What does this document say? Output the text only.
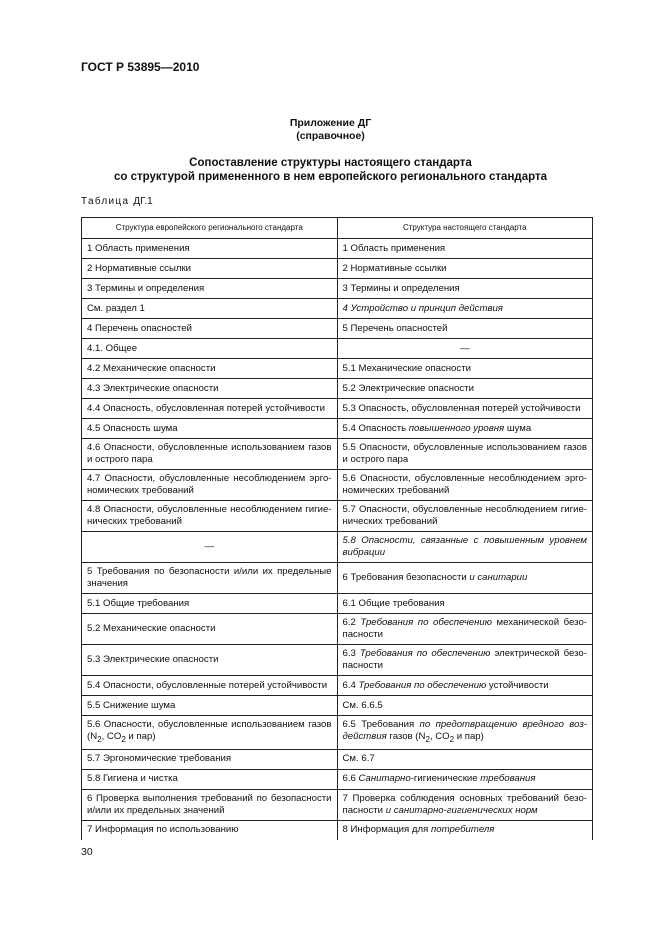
ГОСТ Р 53895—2010
Приложение ДГ
(справочное)
Сопоставление структуры настоящего стандарта
со структурой примененного в нем европейского регионального стандарта
Таблица ДГ.1
Структура европейского регионального стандарта	Структура настоящего стандарта
1 Область применения	1 Область применения
2 Нормативные ссылки	2 Нормативные ссылки
3 Термины и определения	3 Термины и определения
См. раздел 1	4 Устройство и принцип действия
4 Перечень опасностей	5 Перечень опасностей
4.1. Общее	—
4.2 Механические опасности	5.1 Механические опасности
4.3 Электрические опасности	5.2 Электрические опасности
4.4 Опасность, обусловленная потерей устойчивости	5.3 Опасность, обусловленная потерей устойчивости
4.5 Опасность шума	5.4 Опасность повышенного уровня шума
4.6 Опасности, обусловленные использованием газов и острого пара	5.5 Опасности, обусловленные использованием газов и острого пара
4.7 Опасности, обусловленные несоблюдением эргономических требований	5.6 Опасности, обусловленные несоблюдением эргономических требований
4.8 Опасности, обусловленные несоблюдением гигиенических требований	5.7 Опасности, обусловленные несоблюдением гигиенических требований
—	5.8 Опасности, связанные с повышенным уровнем вибрации
5 Требования по безопасности и/или их предельные значения	6 Требования безопасности и санитарии
5.1 Общие требования	6.1 Общие требования
5.2 Механические опасности	6.2 Требования по обеспечению механической безопасности
5.3 Электрические опасности	6.3 Требования по обеспечению электрической безопасности
5.4 Опасности, обусловленные потерей устойчивости	6.4 Требования по обеспечению устойчивости
5.5 Снижение шума	См. 6.6.5
5.6 Опасности, обусловленные использованием газов ($N_2$, $CO_2$ и пар)	6.5 Требования по предотвращению вредного воздействия газов ($N_2$, $CO_2$ и пар)
5.7 Эргономические требования	См. 6.7
5.8 Гигиена и чистка	6.6 Санитарно-гигиенические требования
6 Проверка выполнения требований по безопасности и/или их предельных значений	7 Проверка соблюдения основных требований безопасности и санитарно-гигиенических норм
7 Информация по использованию	8 Информация для потребителя
30
